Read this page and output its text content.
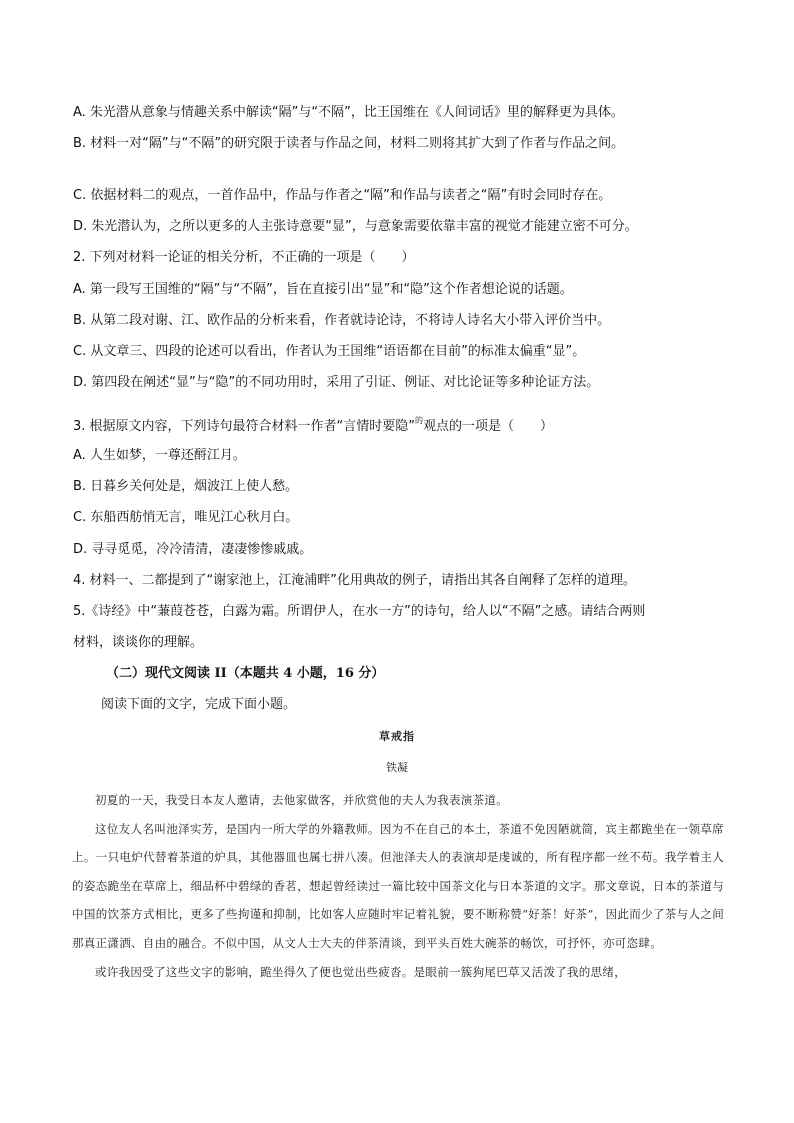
A. 朱光潜从意象与情趣关系中解读“隔”与“不隔”，比王国维在《人间词话》里的解释更为具体。
B. 材料一对“隔”与“不隔”的研究限于读者与作品之间，材料二则将其扩大到了作者与作品之间。
C. 依据材料二的观点，一首作品中，作品与作者之“隔”和作品与读者之“隔”有时会同时存在。
D. 朱光潜认为，之所以更多的人主张诗意要“显”，与意象需要依靠丰富的视觉才能建立密不可分。
2. 下列对材料一论证的相关分析，不正确的一项是（　　）
A. 第一段写王国维的“隔”与“不隔”，旨在直接引出“显”和“隐”这个作者想论说的话题。
B. 从第二段对谢、江、欧作品的分析来看，作者就诗论诗，不将诗人诗名大小带入评价当中。
C. 从文章三、四段的论述可以看出，作者认为王国维“语语都在目前”的标准太偏重“显”。
D. 第四段在阐述“显”与“隐”的不同功用时，采用了引证、例证、对比论证等多种论证方法。
3. 根据原文内容，下列诗句最符合材料一作者“言情时要隐”$^的$观点的一项是（　　）
A. 人生如梦，一尊还酹江月。
B. 日暮乡关何处是，烟波江上使人愁。
C. 东船西舫悄无言，唯见江心秋月白。
D. 寻寻觅觅，冷冷清清，凄凄惨惨戚戚。
4. 材料一、二都提到了“谢家池上，江淹浦畔”化用典故的例子，请指出其各自阐释了怎样的道理。
5.《诗经》中“蒹葭苍苍，白露为霜。所谓伊人，在水一方”的诗句，给人以“不隔”之感。请结合两则
材料，谈谈你的理解。
（二）现代文阅读 II（本题共 4 小题，16 分）
阅读下面的文字，完成下面小题。
草戒指
铁凝

初夏的一天，我受日本友人邀请，去他家做客，并欣赏他的夫人为我表演茶道。

这位友人名叫池泽实芳，是国内一所大学的外籍教师。因为不在自己的本土，茶道不免因陋就简，宾主都跪坐在一领草席上。一只电炉代替着茶道的炉具，其他器皿也属七拼八凑。但池泽夫人的表演却是虔诚的，所有程序都一丝不苟。我学着主人的姿态跪坐在草席上，细品杯中碧绿的香茗，想起曾经读过一篇比较中国茶文化与日本茶道的文字。那文章说，日本的茶道与中国的饮茶方式相比，更多了些拘谨和抑制，比如客人应随时牢记着礼貌，要不断称赞“好茶！好茶”，因此而少了茶与人之间那真正潇洒、自由的融合。不似中国，从文人士大夫的伴茶清谈，到平头百姓大碗茶的畅饮，可抒怀，亦可恣肆。

或许我因受了这些文字的影响，跪坐得久了便也觉出些疲沓。是眼前一簇狗尾巴草又活泼了我的思绪，
